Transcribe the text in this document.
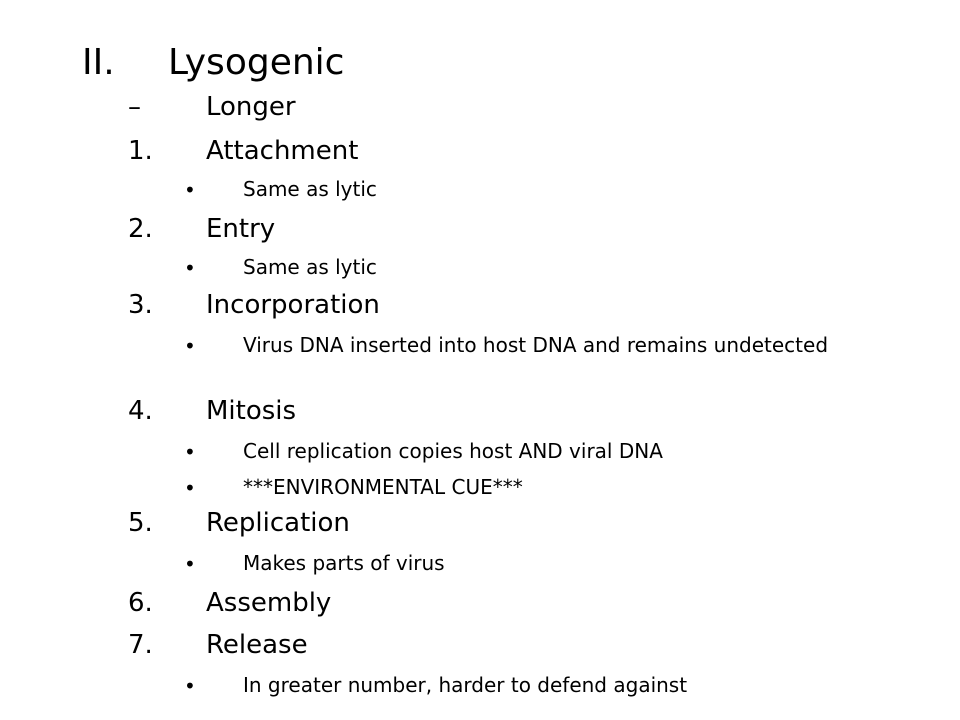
II. Lysogenic
–	Longer
1. Attachment
• Same as lytic
2. Entry
• Same as lytic
3. Incorporation
• Virus DNA inserted into host DNA and remains undetected
4. Mitosis
• Cell replication copies host AND viral DNA
• ***ENVIRONMENTAL CUE***
5. Replication
• Makes parts of virus
6. Assembly
7. Release
• In greater number, harder to defend against
